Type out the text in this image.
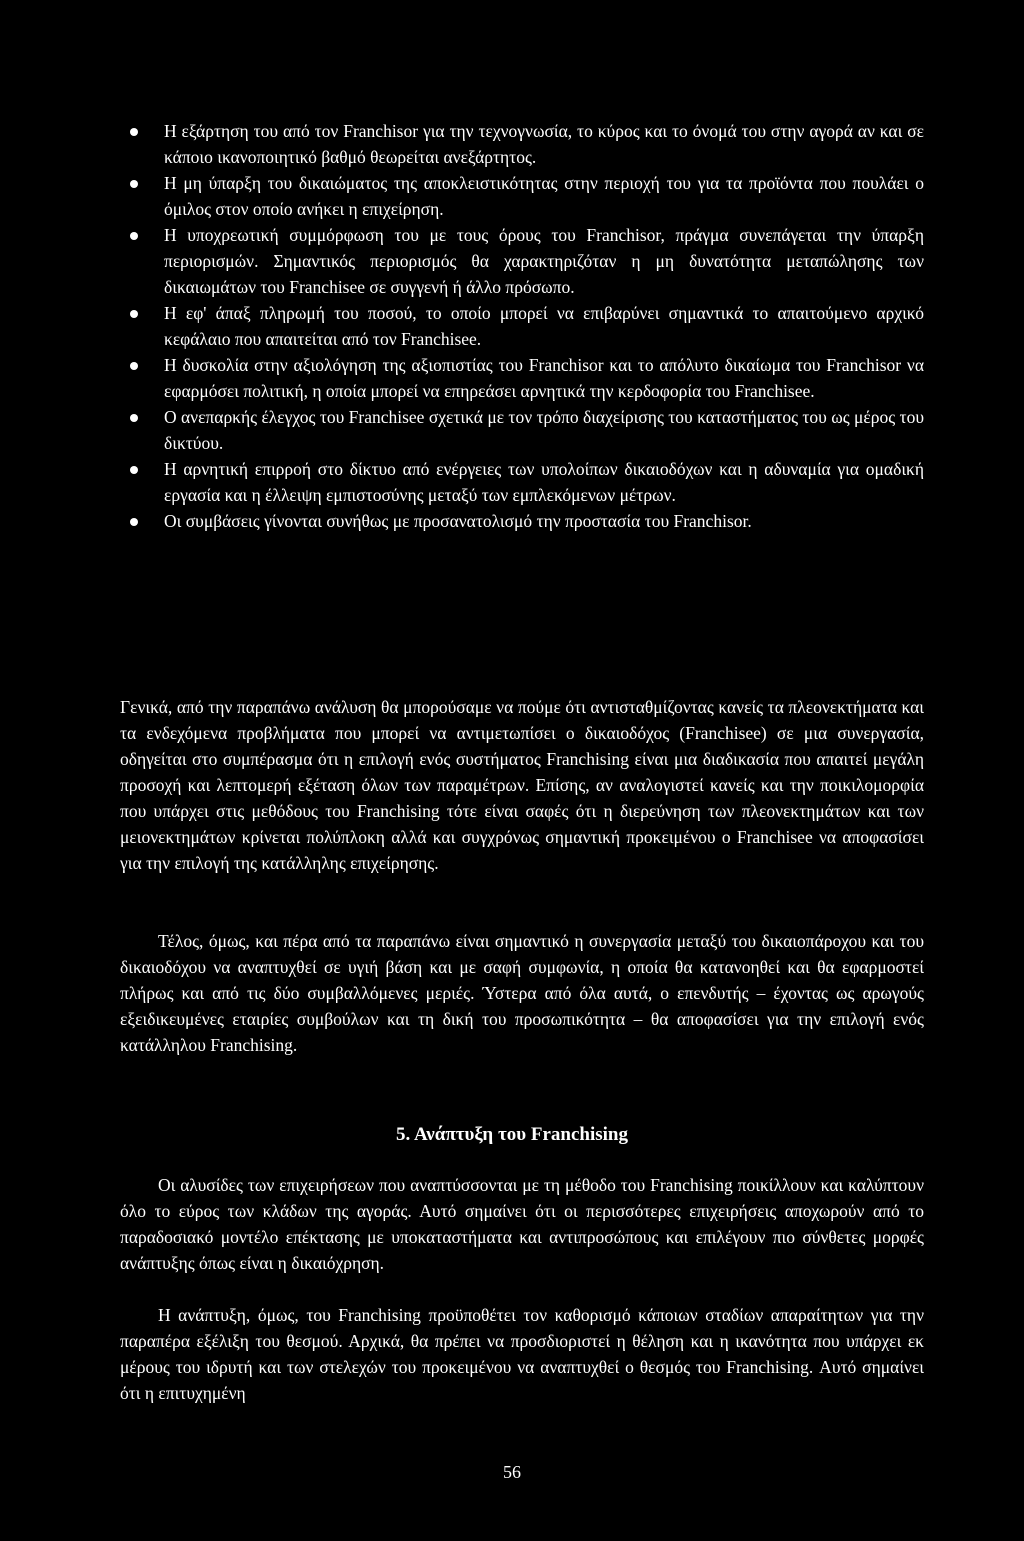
Η εξάρτηση του από τον Franchisor για την τεχνογνωσία, το κύρος και το όνομά του στην αγορά αν και σε κάποιο ικανοποιητικό βαθμό θεωρείται ανεξάρτητος.
Η μη ύπαρξη του δικαιώματος της αποκλειστικότητας στην περιοχή του για τα προϊόντα που πουλάει ο όμιλος στον οποίο ανήκει η επιχείρηση.
Η υποχρεωτική συμμόρφωση του με τους όρους του Franchisor, πράγμα συνεπάγεται την ύπαρξη περιορισμών. Σημαντικός περιορισμός θα χαρακτηριζόταν η μη δυνατότητα μεταπώλησης των δικαιωμάτων του Franchisee σε συγγενή ή άλλο πρόσωπο.
Η εφ' άπαξ πληρωμή του ποσού, το οποίο μπορεί να επιβαρύνει σημαντικά το απαιτούμενο αρχικό κεφάλαιο που απαιτείται από τον Franchisee.
Η δυσκολία στην αξιολόγηση της αξιοπιστίας του Franchisor και το απόλυτο δικαίωμα του Franchisor να εφαρμόσει πολιτική, η οποία μπορεί να επηρεάσει αρνητικά την κερδοφορία του Franchisee.
Ο ανεπαρκής έλεγχος του Franchisee σχετικά με τον τρόπο διαχείρισης του καταστήματος του ως μέρος του δικτύου.
Η αρνητική επιρροή στο δίκτυο από ενέργειες των υπολοίπων δικαιοδόχων και η αδυναμία για ομαδική εργασία και η έλλειψη εμπιστοσύνης μεταξύ των εμπλεκόμενων μέτρων.
Οι συμβάσεις γίνονται συνήθως με προσανατολισμό την προστασία του Franchisor.

Γενικά, από την παραπάνω ανάλυση θα μπορούσαμε να πούμε ότι αντισταθμίζοντας κανείς τα πλεονεκτήματα και τα ενδεχόμενα προβλήματα που μπορεί να αντιμετωπίσει ο δικαιοδόχος (Franchisee) σε μια συνεργασία, οδηγείται στο συμπέρασμα ότι η επιλογή ενός συστήματος Franchising είναι μια διαδικασία που απαιτεί μεγάλη προσοχή και λεπτομερή εξέταση όλων των παραμέτρων. Επίσης, αν αναλογιστεί κανείς και την ποικιλομορφία που υπάρχει στις μεθόδους του Franchising τότε είναι σαφές ότι η διερεύνηση των πλεονεκτημάτων και των μειονεκτημάτων κρίνεται πολύπλοκη αλλά και συγχρόνως σημαντική προκειμένου ο Franchisee να αποφασίσει για την επιλογή της κατάλληλης επιχείρησης.

Τέλος, όμως, και πέρα από τα παραπάνω είναι σημαντικό η συνεργασία μεταξύ του δικαιοπάροχου και του δικαιοδόχου να αναπτυχθεί σε υγιή βάση και με σαφή συμφωνία, η οποία θα κατανοηθεί και θα εφαρμοστεί πλήρως και από τις δύο συμβαλλόμενες μεριές. Ύστερα από όλα αυτά, ο επενδυτής – έχοντας ως αρωγούς εξειδικευμένες εταιρίες συμβούλων και τη δική του προσωπικότητα – θα αποφασίσει για την επιλογή ενός κατάλληλου Franchising.

5. Ανάπτυξη του Franchising

Οι αλυσίδες των επιχειρήσεων που αναπτύσσονται με τη μέθοδο του Franchising ποικίλλουν και καλύπτουν όλο το εύρος των κλάδων της αγοράς. Αυτό σημαίνει ότι οι περισσότερες επιχειρήσεις αποχωρούν από το παραδοσιακό μοντέλο επέκτασης με υποκαταστήματα και αντιπροσώπους και επιλέγουν πιο σύνθετες μορφές ανάπτυξης όπως είναι η δικαιόχρηση.

Η ανάπτυξη, όμως, του Franchising προϋποθέτει τον καθορισμό κάποιων σταδίων απαραίτητων για την παραπέρα εξέλιξη του θεσμού. Αρχικά, θα πρέπει να προσδιοριστεί η θέληση και η ικανότητα που υπάρχει εκ μέρους του ιδρυτή και των στελεχών του προκειμένου να αναπτυχθεί ο θεσμός του Franchising. Αυτό σημαίνει ότι η επιτυχημένη

56
